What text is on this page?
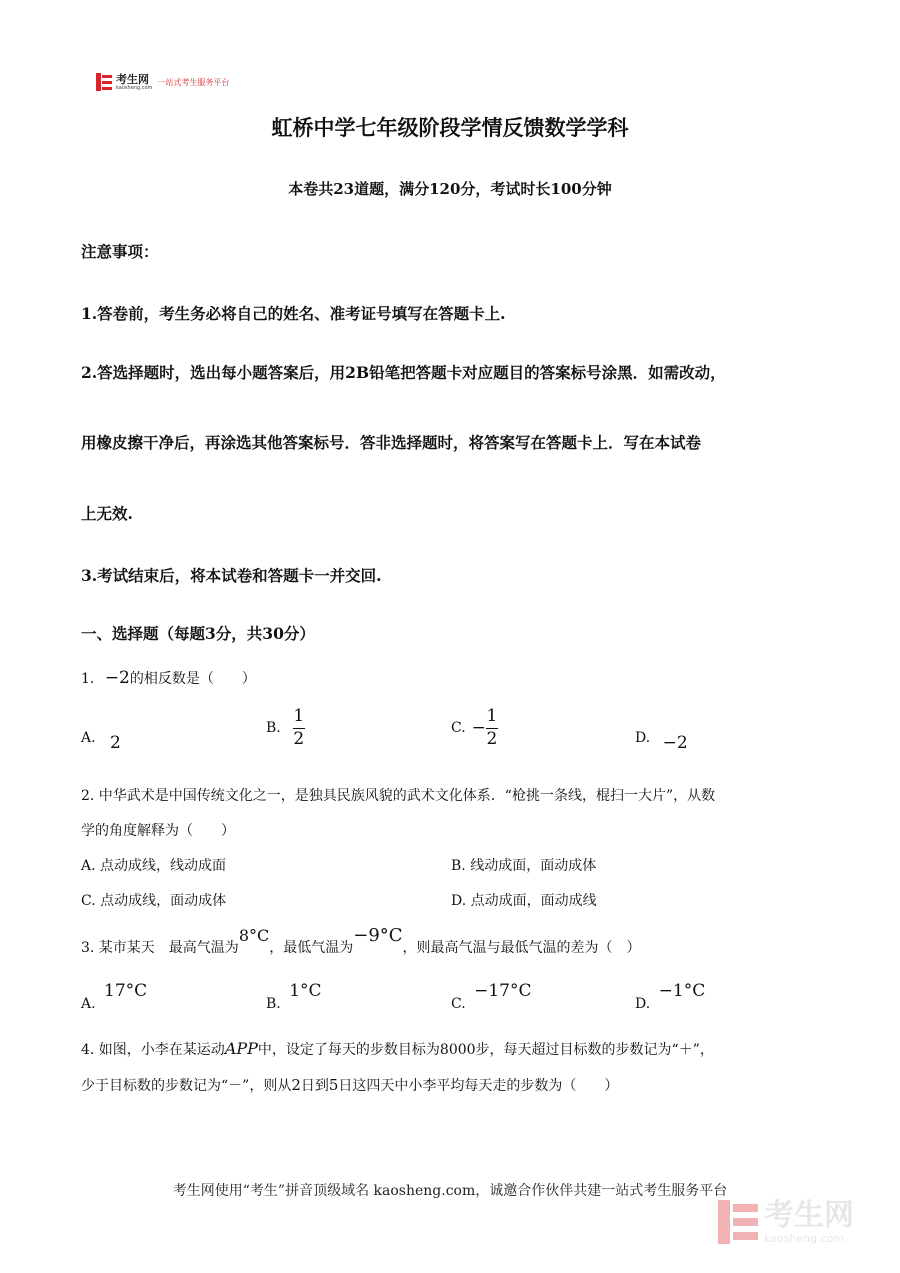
考生网
kaosheng.com
一站式考生服务平台
虹桥中学七年级阶段学情反馈数学学科
本卷共23道题，满分120分，考试时长100分钟
注意事项：
1.答卷前，考生务必将自己的姓名、准考证号填写在答题卡上.
2.答选择题时，选出每小题答案后，用2B铅笔把答题卡对应题目的答案标号涂黑．如需改动，
用橡皮擦干净后，再涂选其他答案标号．答非选择题时，将答案写在答题卡上．写在本试卷
上无效.
3.考试结束后，将本试卷和答题卡一并交回.
一、选择题（每题3分，共30分）
1. −2的相反数是（　　）
A. 2
B. $\frac{1}{2}$	C. − $\frac{1}{2}$	D. −2
2. 中华武术是中国传统文化之一，是独具民族风貌的武术文化体系．“枪挑一条线，棍扫一大片”，从数
学的角度解释为（　　）
A. 点动成线，线动成面	B. 线动成面，面动成体
C. 点动成线，面动成体	D. 点动成面，面动成线
3. 某市某天　最高气温为8°C，最低气温为−9°C，则最高气温与最低气温的差为（　）
A. 17°C
B. 1°C
C. −17°C
D. −1°C
4. 如图，小李在某运动APP中，设定了每天的步数目标为8000步，每天超过目标数的步数记为“＋”，
少于目标数的步数记为“－”，则从2日到5日这四天中小李平均每天走的步数为（　　）
考生网使用“考生”拼音顶级域名 kaosheng.com，诚邀合作伙伴共建一站式考生服务平台
考生网
kaosheng.com
